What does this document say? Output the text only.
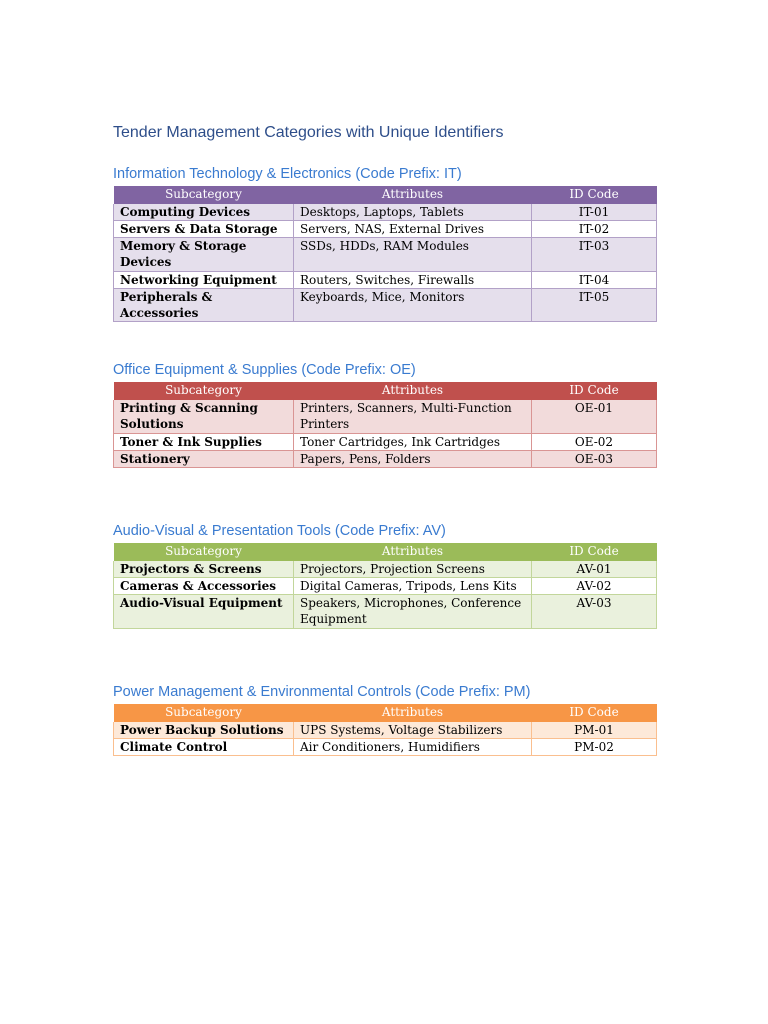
Tender Management Categories with Unique Identifiers
Information Technology & Electronics (Code Prefix: IT)
Subcategory	Attributes	ID Code
Computing Devices	Desktops, Laptops, Tablets	IT-01
Servers & Data Storage	Servers, NAS, External Drives	IT-02
Memory & Storage Devices	SSDs, HDDs, RAM Modules	IT-03
Networking Equipment	Routers, Switches, Firewalls	IT-04
Peripherals & Accessories	Keyboards, Mice, Monitors	IT-05
Office Equipment & Supplies (Code Prefix: OE)
Subcategory	Attributes	ID Code
Printing & Scanning Solutions	Printers, Scanners, Multi-Function Printers	OE-01
Toner & Ink Supplies	Toner Cartridges, Ink Cartridges	OE-02
Stationery	Papers, Pens, Folders	OE-03
Audio-Visual & Presentation Tools (Code Prefix: AV)
Subcategory	Attributes	ID Code
Projectors & Screens	Projectors, Projection Screens	AV-01
Cameras & Accessories	Digital Cameras, Tripods, Lens Kits	AV-02
Audio-Visual Equipment	Speakers, Microphones, Conference Equipment	AV-03
Power Management & Environmental Controls (Code Prefix: PM)
Subcategory	Attributes	ID Code
Power Backup Solutions	UPS Systems, Voltage Stabilizers	PM-01
Climate Control	Air Conditioners, Humidifiers	PM-02
